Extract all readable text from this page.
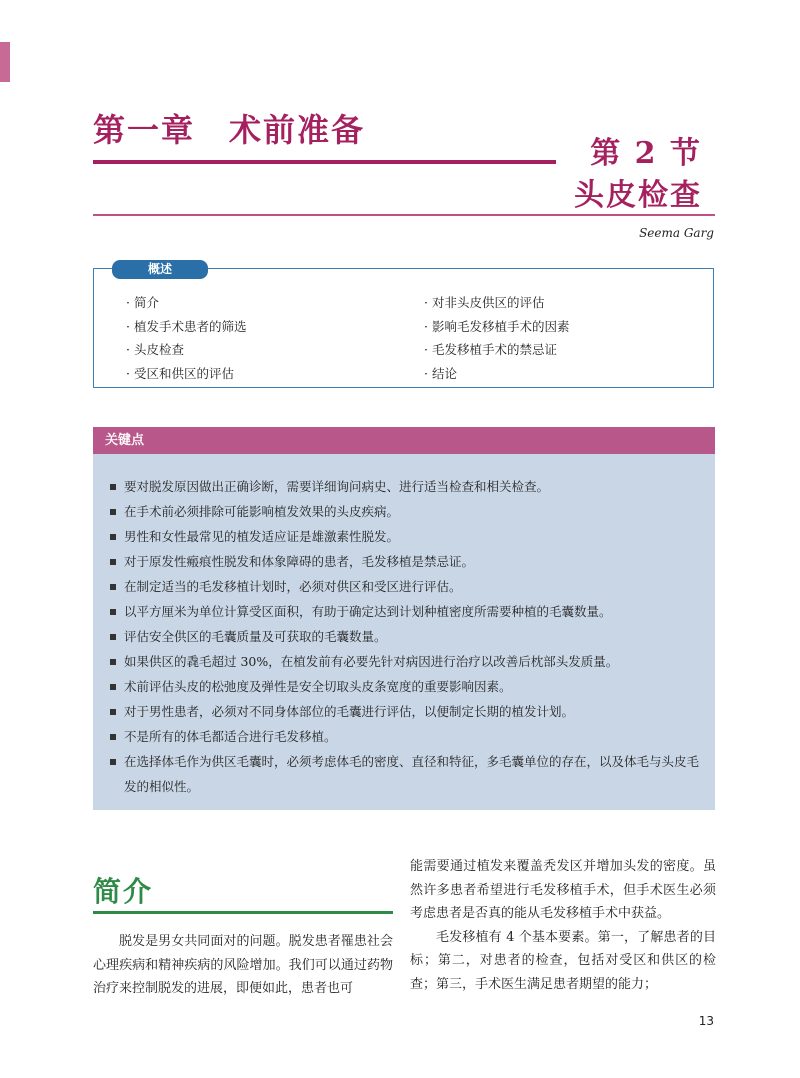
第一章　术前准备
第 2 节
头皮检查
Seema Garg
概述
· 简介
· 植发手术患者的筛选
· 头皮检查
· 受区和供区的评估
· 对非头皮供区的评估
· 影响毛发移植手术的因素
· 毛发移植手术的禁忌证
· 结论
关键点
要对脱发原因做出正确诊断，需要详细询问病史、进行适当检查和相关检查。
在手术前必须排除可能影响植发效果的头皮疾病。
男性和女性最常见的植发适应证是雄激素性脱发。
对于原发性瘢痕性脱发和体象障碍的患者，毛发移植是禁忌证。
在制定适当的毛发移植计划时，必须对供区和受区进行评估。
以平方厘米为单位计算受区面积，有助于确定达到计划种植密度所需要种植的毛囊数量。
评估安全供区的毛囊质量及可获取的毛囊数量。
如果供区的毳毛超过 30%，在植发前有必要先针对病因进行治疗以改善后枕部头发质量。
术前评估头皮的松弛度及弹性是安全切取头皮条宽度的重要影响因素。
对于男性患者，必须对不同身体部位的毛囊进行评估，以便制定长期的植发计划。
不是所有的体毛都适合进行毛发移植。
在选择体毛作为供区毛囊时，必须考虑体毛的密度、直径和特征，多毛囊单位的存在，以及体毛与头皮毛发的相似性。
简介

脱发是男女共同面对的问题。脱发患者罹患社会心理疾病和精神疾病的风险增加。我们可以通过药物治疗来控制脱发的进展，即便如此，患者也可

能需要通过植发来覆盖秃发区并增加头发的密度。虽然许多患者希望进行毛发移植手术，但手术医生必须考虑患者是否真的能从毛发移植手术中获益。

毛发移植有 4 个基本要素。第一，了解患者的目标；第二，对患者的检查，包括对受区和供区的检查；第三，手术医生满足患者期望的能力；

13
